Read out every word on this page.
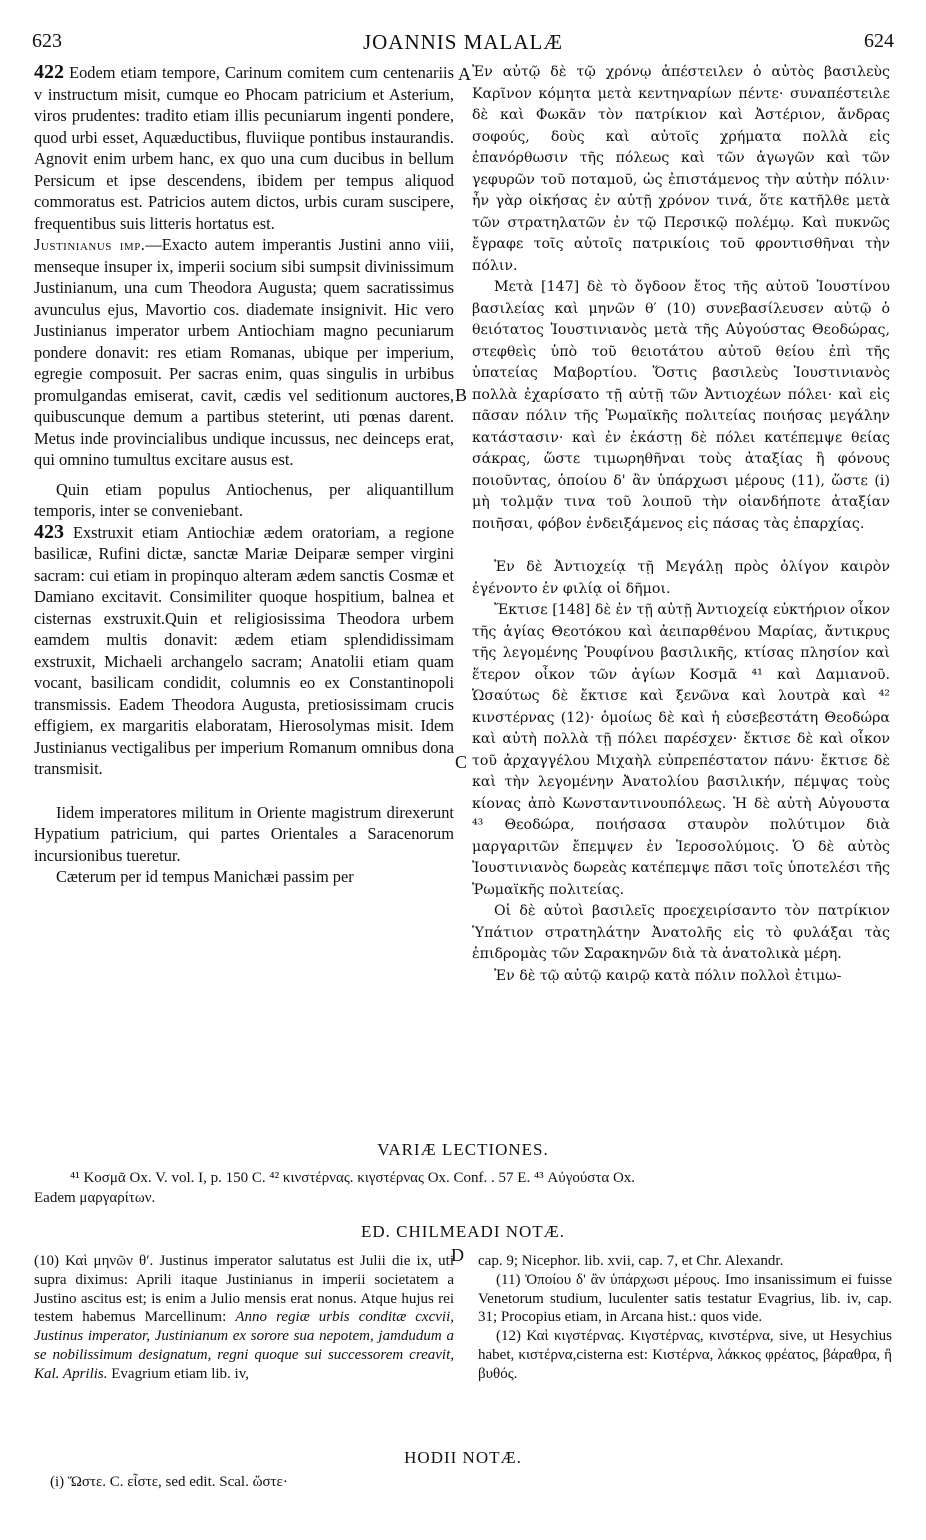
623	JOANNIS MALALÆ	624
A
B
C
D

422 Eodem etiam tempore, Carinum comitem cum centenariis v instructum misit, cumque eo Phocam patricium et Asterium, viros prudentes: tradito etiam illis pecuniarum ingenti pondere, quod urbi esset, Aquæductibus, fluviique pontibus instaurandis. Agnovit enim urbem hanc, ex quo una cum ducibus in bellum Persicum et ipse descendens, ibidem per tempus aliquod commoratus est. Patricios autem dictos, urbis curam suscipere, frequentibus suis litteris hortatus est.

Justinianus imp.—Exacto autem imperantis Justini anno viii, menseque insuper ix, imperii socium sibi sumpsit divinissimum Justinianum, una cum Theodora Augusta; quem sacratissimus avunculus ejus, Mavortio cos. diademate insignivit. Hic vero Justinianus imperator urbem Antiochiam magno pecuniarum pondere donavit: res etiam Romanas, ubique per imperium, egregie composuit. Per sacras enim, quas singulis in urbibus promulgandas emiserat, cavit, cædis vel seditionum auctores, quibuscunque demum a partibus steterint, uti pœnas darent. Metus inde provincialibus undique incussus, nec deinceps erat, qui omnino tumultus excitare ausus est.

Quin etiam populus Antiochenus, per aliquantillum temporis, inter se conveniebant.

423 Exstruxit etiam Antiochiæ ædem oratoriam, a regione basilicæ, Rufini dictæ, sanctæ Mariæ Deiparæ semper virgini sacram: cui etiam in propinquo alteram ædem sanctis Cosmæ et Damiano excitavit. Consimiliter quoque hospitium, balnea et cisternas exstruxit.Quin et religiosissima Theodora urbem eamdem multis donavit: ædem etiam splendidissimam exstruxit, Michaeli archangelo sacram; Anatolii etiam quam vocant, basilicam condidit, columnis eo ex Constantinopoli transmissis. Eadem Theodora Augusta, pretiosissimam crucis effigiem, ex margaritis elaboratam, Hierosolymas misit. Idem Justinianus vectigalibus per imperium Romanum omnibus dona transmisit.

Iidem imperatores militum in Oriente magistrum direxerunt Hypatium patricium, qui partes Orientales a Saracenorum incursionibus tueretur.

Cæterum per id tempus Manichæi passim per

Ἐν αὐτῷ δὲ τῷ χρόνῳ ἀπέστειλεν ὁ αὐτὸς βασιλεὺς Καρῖνον κόμητα μετὰ κεντηναρίων πέντε· συναπέστειλε δὲ καὶ Φωκᾶν τὸν πατρίκιον καὶ Ἀστέριον, ἄνδρας σοφούς, δοὺς καὶ αὐτοῖς χρήματα πολλὰ εἰς ἐπανόρθωσιν τῆς πόλεως καὶ τῶν ἀγωγῶν καὶ τῶν γεφυρῶν τοῦ ποταμοῦ, ὡς ἐπιστάμενος τὴν αὐτὴν πόλιν· ἦν γὰρ οἰκήσας ἐν αὐτῇ χρόνον τινά, ὅτε κατῆλθε μετὰ τῶν στρατηλατῶν ἐν τῷ Περσικῷ πολέμῳ. Καὶ πυκνῶς ἔγραφε τοῖς αὐτοῖς πατρικίοις τοῦ φροντισθῆναι τὴν πόλιν.

Μετὰ [147] δὲ τὸ ὄγδοον ἔτος τῆς αὐτοῦ Ἰουστίνου βασιλείας καὶ μηνῶν θ′ (10) συνεβασίλευσεν αὐτῷ ὁ θειότατος Ἰουστινιανὸς μετὰ τῆς Αὐγούστας Θεοδώρας, στεφθεὶς ὑπὸ τοῦ θειοτάτου αὐτοῦ θείου ἐπὶ τῆς ὑπατείας Μαβορτίου. Ὅστις βασιλεὺς Ἰουστινιανὸς πολλὰ ἐχαρίσατο τῇ αὐτῇ τῶν Ἀντιοχέων πόλει· καὶ εἰς πᾶσαν πόλιν τῆς Ῥωμαϊκῆς πολιτείας ποιήσας μεγάλην κατάστασιν· καὶ ἐν ἑκάστῃ δὲ πόλει κατέπεμψε θείας σάκρας, ὥστε τιμωρηθῆναι τοὺς ἀταξίας ἢ φόνους ποιοῦντας, ὁποίου δ' ἂν ὑπάρχωσι μέρους (11), ὥστε (i) μὴ τολμᾷν τινα τοῦ λοιποῦ τὴν οἱανδήποτε ἀταξίαν ποιῆσαι, φόβον ἐνδειξάμενος εἰς πάσας τὰς ἐπαρχίας.

Ἐν δὲ Ἀντιοχείᾳ τῇ Μεγάλῃ πρὸς ὀλίγον καιρὸν ἐγένοντο ἐν φιλίᾳ οἱ δῆμοι.

Ἔκτισε [148] δὲ ἐν τῇ αὐτῇ Ἀντιοχείᾳ εὐκτήριον οἶκον τῆς ἁγίας Θεοτόκου καὶ ἀειπαρθένου Μαρίας, ἄντικρυς τῆς λεγομένης Ῥουφίνου βασιλικῆς, κτίσας πλησίον καὶ ἕτερον οἶκον τῶν ἁγίων Κοσμᾶ ⁴¹ καὶ Δαμιανοῦ. Ὡσαύτως δὲ ἔκτισε καὶ ξενῶνα καὶ λουτρὰ καὶ ⁴² κινστέρνας (12)· ὁμοίως δὲ καὶ ἡ εὐσεβεστάτη Θεοδώρα καὶ αὐτὴ πολλὰ τῇ πόλει παρέσχεν· ἔκτισε δὲ καὶ οἶκον τοῦ ἀρχαγγέλου Μιχαὴλ εὐπρεπέστατον πάνυ· ἔκτισε δὲ καὶ τὴν λεγομένην Ἀνατολίου βασιλικήν, πέμψας τοὺς κίονας ἀπὸ Κωνσταντινουπόλεως. Ἡ δὲ αὐτὴ Αὐγουστα ⁴³ Θεοδώρα, ποιήσασα σταυρὸν πολύτιμον διὰ μαργαριτῶν ἔπεμψεν ἐν Ἱεροσολύμοις. Ὁ δὲ αὐτὸς Ἰουστινιανὸς δωρεὰς κατέπεμψε πᾶσι τοῖς ὑποτελέσι τῆς Ῥωμαϊκῆς πολιτείας.

Οἱ δὲ αὐτοὶ βασιλεῖς προεχειρίσαντο τὸν πατρίκιον Ὑπάτιον στρατηλάτην Ἀνατολῆς εἰς τὸ φυλάξαι τὰς ἐπιδρομὰς τῶν Σαρακηνῶν διὰ τὰ ἀνατολικὰ μέρη.

Ἐν δὲ τῷ αὐτῷ καιρῷ κατὰ πόλιν πολλοὶ ἐτιμω-

VARIÆ LECTIONES.
⁴¹ Κοσμᾶ Ox. V. vol. I, p. 150 C. ⁴² κινστέρνας. κιγστέρνας Ox. Conf. . 57 E. ⁴³ Αὐγούστα Ox.
Eadem μαργαρίτων.
ED. CHILMEADI NOTÆ.

(10) Καὶ μηνῶν θ′. Justinus imperator salutatus est Julii die ix, uti supra diximus: Aprili itaque Justinianus in imperii societatem a Justino ascitus est; is enim a Julio mensis erat nonus. Atque hujus rei testem habemus Marcellinum: Anno regiæ urbis conditæ cxcvii, Justinus imperator, Justinianum ex sorore sua nepotem, jamdudum a se nobilissimum designatum, regni quoque sui successorem creavit, Kal. Aprilis. Evagrium etiam lib. iv,

cap. 9; Nicephor. lib. xvii, cap. 7, et Chr. Alexandr.

(11) Ὁποίου δ' ἂν ὑπάρχωσι μέρους. Imo insanissimum ei fuisse Venetorum studium, luculenter satis testatur Evagrius, lib. iv, cap. 31; Procopius etiam, in Arcana hist.: quos vide.

(12) Καὶ κιγστέρνας. Κιγστέρνας, κινστέρνα, sive, ut Hesychius habet, κιστέρνα,cisterna est: Κιστέρνα, λάκκος φρέατος, βάραθρα, ἢ βυθός.

HODII NOTÆ.
(i) Ὥστε. C. εἶστε, sed edit. Scal. ὥστε·
